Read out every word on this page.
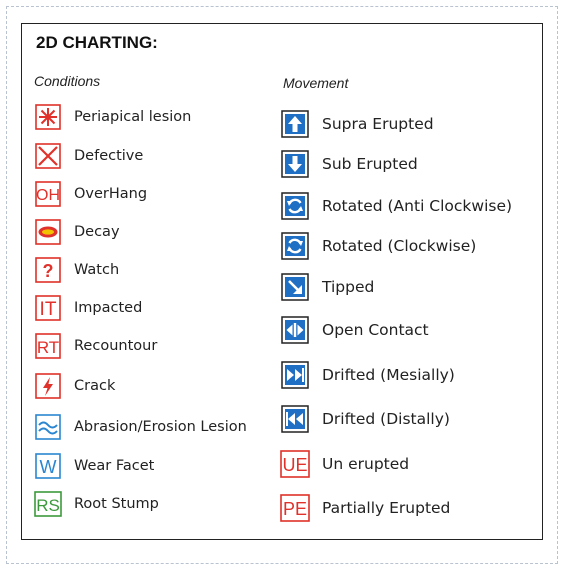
2D CHARTING:
Conditions	Movement
Periapical lesion
Defective
OH OverHang
Decay
? Watch
IT Impacted
RT Recountour
Crack
Abrasion/Erosion Lesion
W Wear Facet
RS Root Stump
Supra Erupted
Sub Erupted
Rotated (Anti Clockwise)
Rotated (Clockwise)
Tipped
Open Contact
Drifted (Mesially)
Drifted (Distally)
UE Un erupted
PE Partially Erupted
